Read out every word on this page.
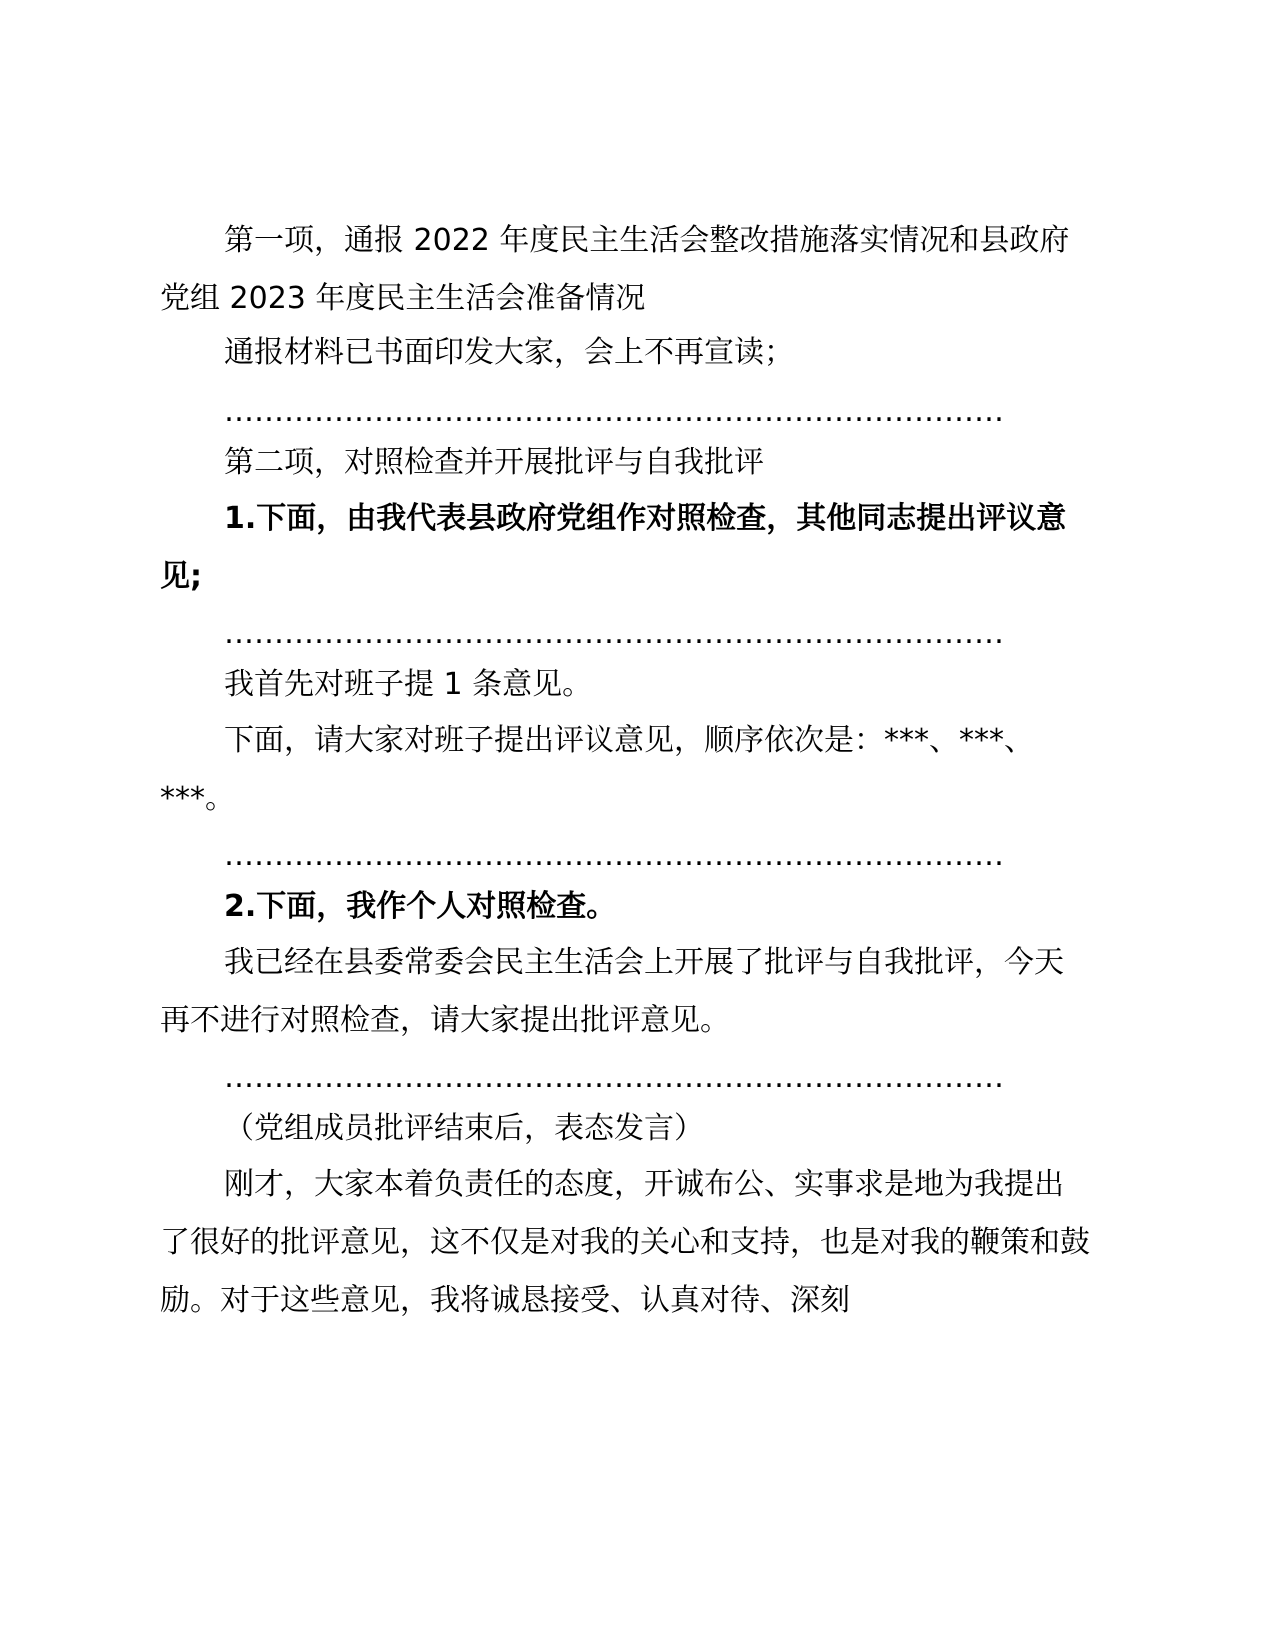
第一项，通报 2022 年度民主生活会整改措施落实情况和县政府党组 2023 年度民主生活会准备情况

通报材料已书面印发大家，会上不再宣读；

……………………………………………………………………

第二项，对照检查并开展批评与自我批评

1.下面，由我代表县政府党组作对照检查，其他同志提出评议意见;

……………………………………………………………………

我首先对班子提 1 条意见。

下面，请大家对班子提出评议意见，顺序依次是：***、***、***。

……………………………………………………………………

2.下面，我作个人对照检查。

我已经在县委常委会民主生活会上开展了批评与自我批评，今天再不进行对照检查，请大家提出批评意见。

……………………………………………………………………

（党组成员批评结束后，表态发言）

刚才，大家本着负责任的态度，开诚布公、实事求是地为我提出了很好的批评意见，这不仅是对我的关心和支持，也是对我的鞭策和鼓励。对于这些意见，我将诚恳接受、认真对待、深刻
